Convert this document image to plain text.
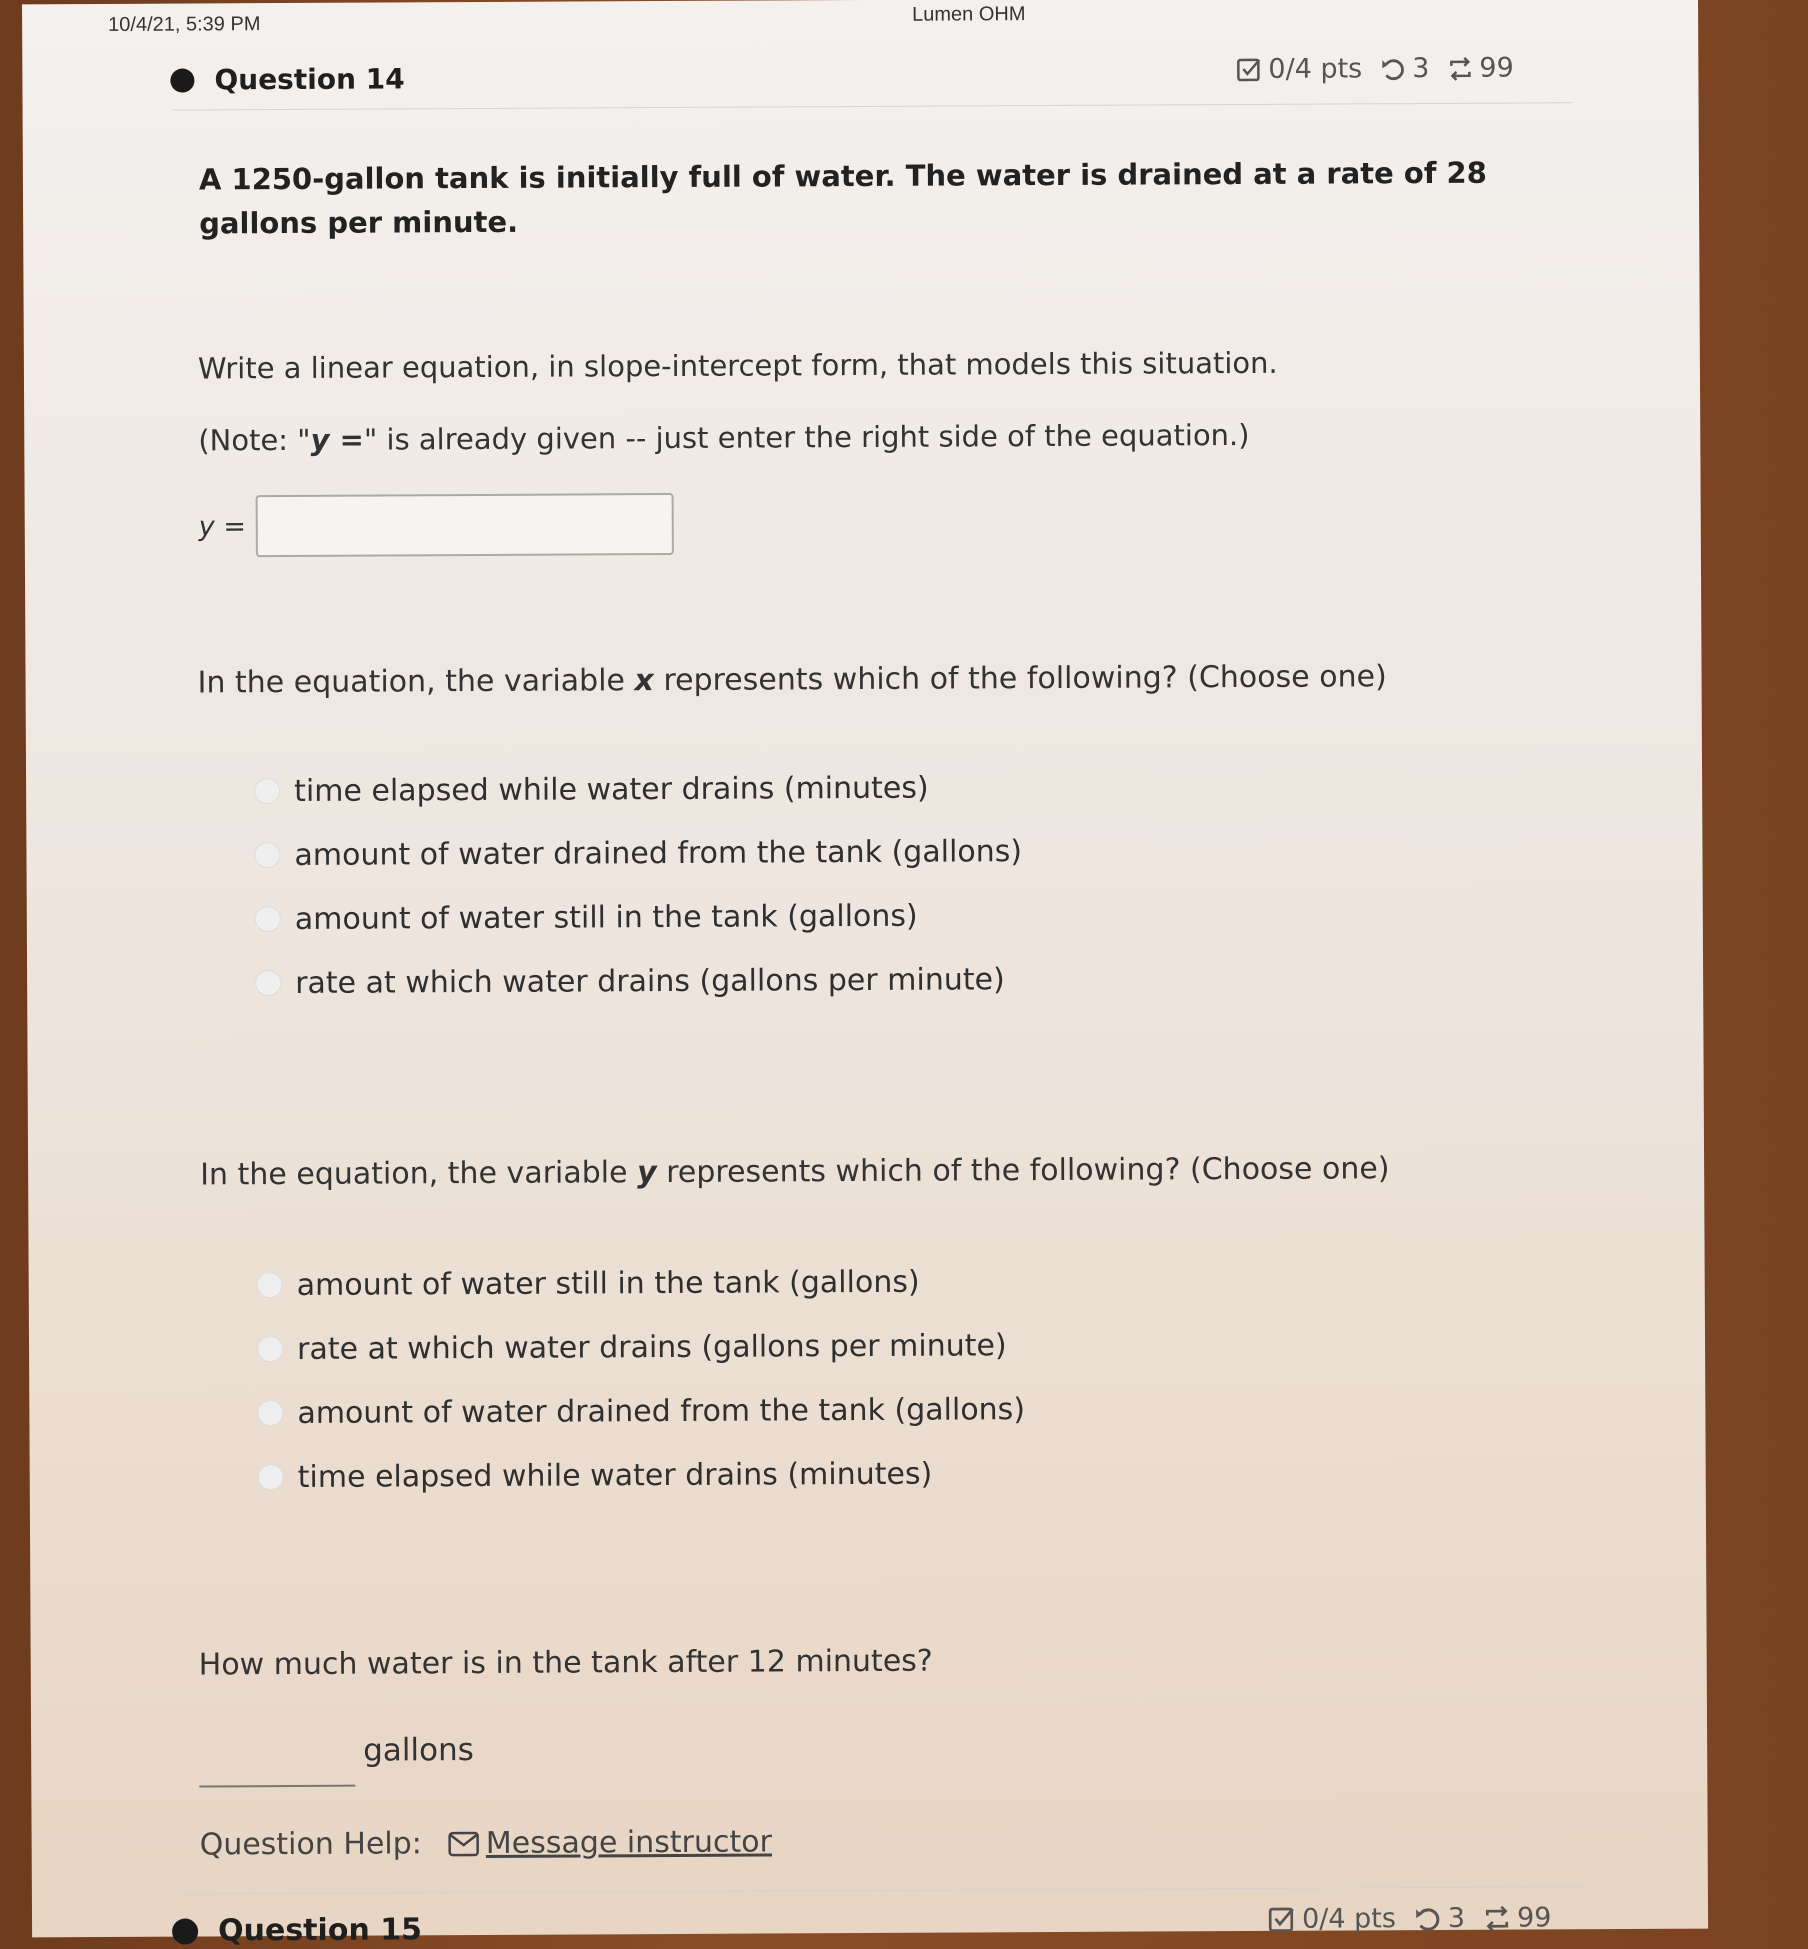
10/4/21, 5:39 PM	Lumen OHM
Question 14	0/4 pts 3 99
A 1250-gallon tank is initially full of water. The water is drained at a rate of 28 gallons per minute.
Write a linear equation, in slope-intercept form, that models this situation.
(Note: "y =" is already given -- just enter the right side of the equation.)
y =
In the equation, the variable x represents which of the following? (Choose one)
time elapsed while water drains (minutes)
amount of water drained from the tank (gallons)
amount of water still in the tank (gallons)
rate at which water drains (gallons per minute)
In the equation, the variable y represents which of the following? (Choose one)
amount of water still in the tank (gallons)
rate at which water drains (gallons per minute)
amount of water drained from the tank (gallons)
time elapsed while water drains (minutes)
How much water is in the tank after 12 minutes?
gallons
Question Help: Message instructor
Question 15	0/4 pts 3 99
